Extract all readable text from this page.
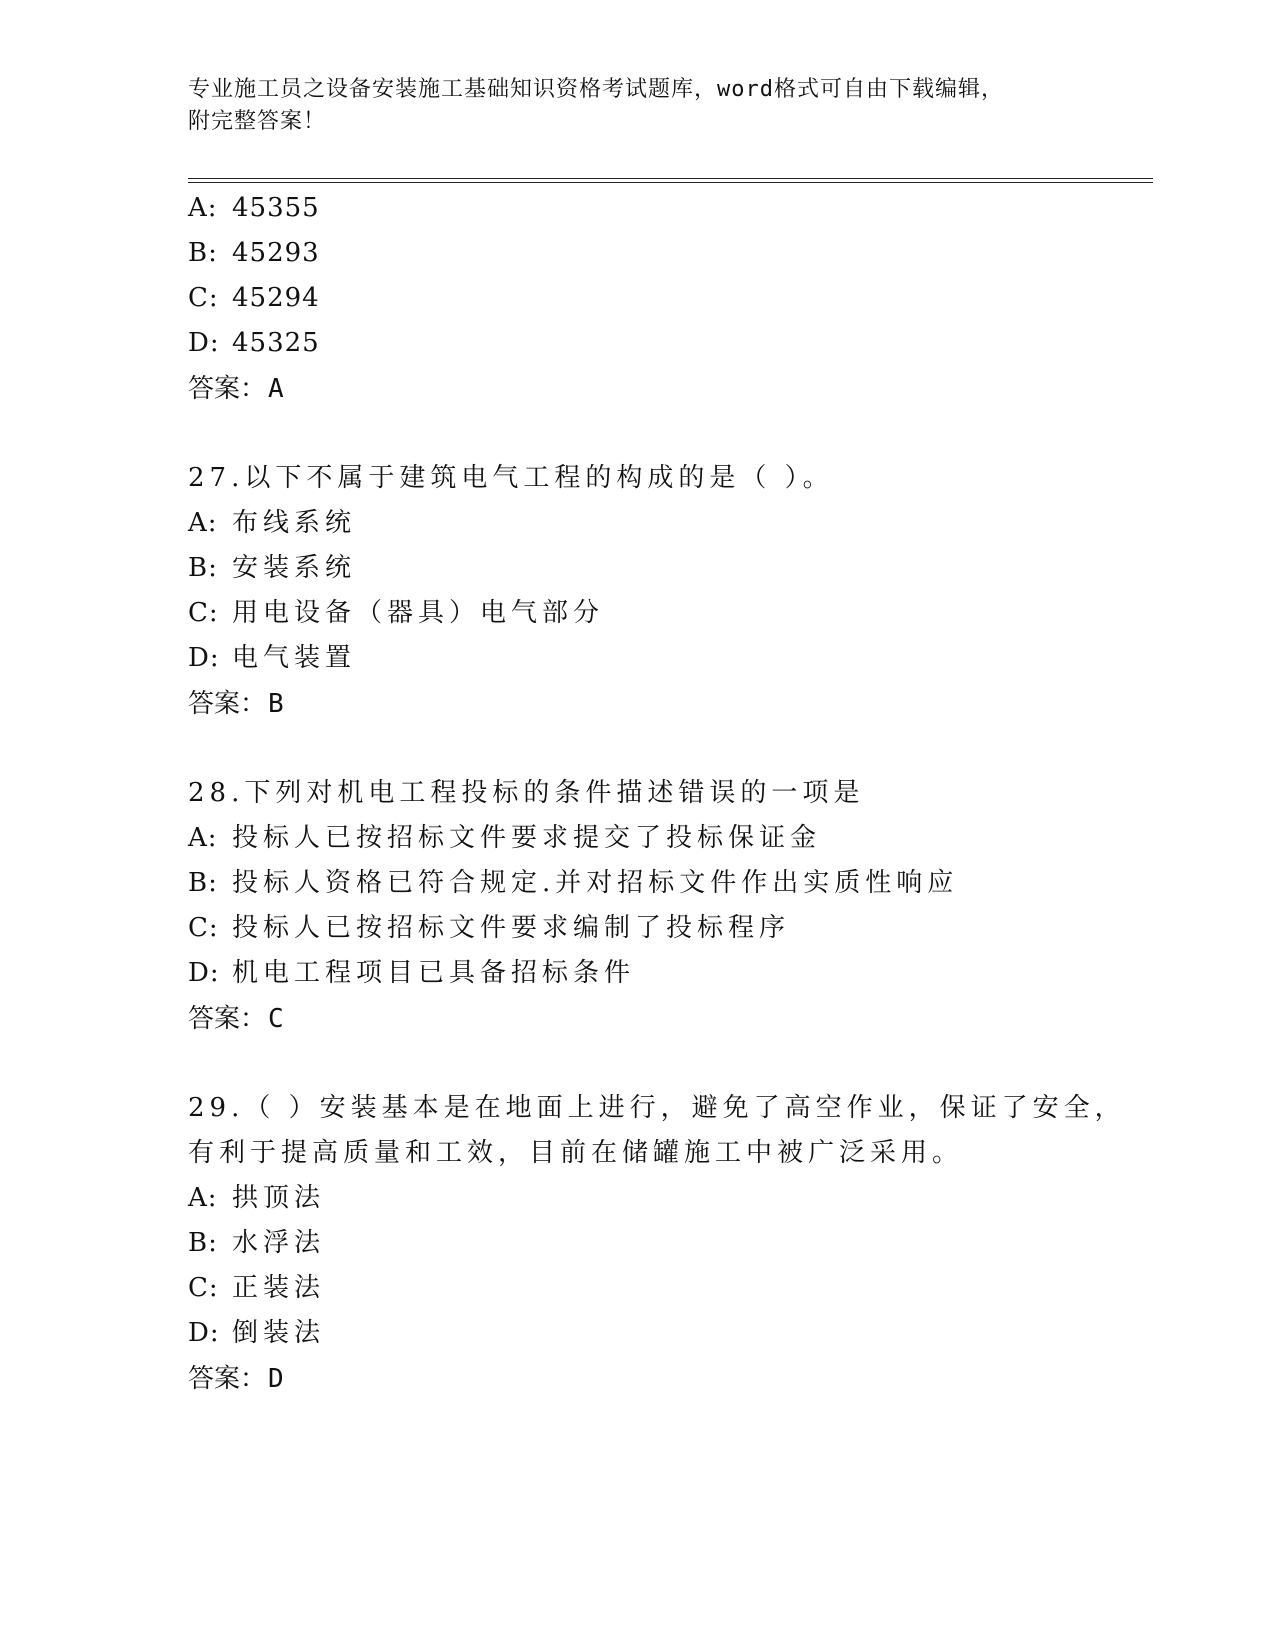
专业施工员之设备安装施工基础知识资格考试题库，word格式可自由下载编辑，
附完整答案！
A: 45355
B: 45293
C: 45294
D: 45325
答案：A
27.以下不属于建筑电气工程的构成的是（ ）。
A: 布线系统
B: 安装系统
C: 用电设备（器具）电气部分
D: 电气装置
答案：B
28.下列对机电工程投标的条件描述错误的一项是
A: 投标人已按招标文件要求提交了投标保证金
B: 投标人资格已符合规定.并对招标文件作出实质性响应
C: 投标人已按招标文件要求编制了投标程序
D: 机电工程项目已具备招标条件
答案：C
29.（ ）安装基本是在地面上进行，避免了高空作业，保证了安全，
有利于提高质量和工效，目前在储罐施工中被广泛采用。
A: 拱顶法
B: 水浮法
C: 正装法
D: 倒装法
答案：D
